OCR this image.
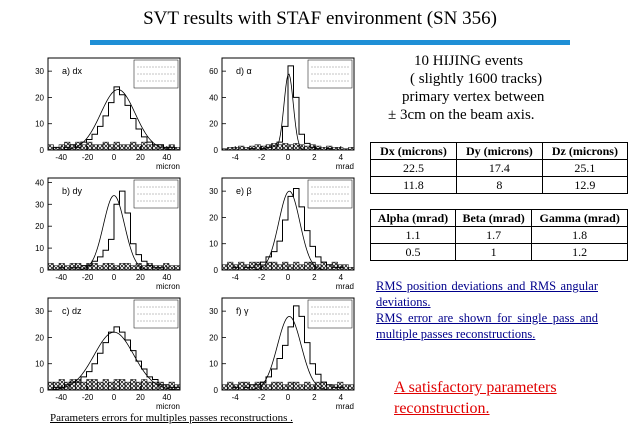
SVT results with STAF environment (SN 356)
-40 -20 0 20 40
0
10
20
30 a) dx
micron
-4 -2	0	2	4
0
20
40
60 d) α
mrad
-40 -20 0 20 40
0
10
20
30
40
b) dy
micron
-4 -2	0	2	4
0
10
20
30 e) β
mrad
-40 -20 0 20 40
0
10
20
30 c) dz
micron
-4 -2	0	2	4
0
10
20
30 f) γ
mrad
10 HIJING events
( slightly 1600 tracks)
primary vertex between
± 3cm on the beam axis.
Dx (microns)	Dy (microns)	Dz (microns)
22.5	17.4	25.1
11.8	8	12.9
Alpha (mrad)	Beta (mrad)	Gamma (mrad)
1.1	1.7	1.8
0.5	1	1.2
RMS position deviations and RMS angular deviations.
RMS error are shown for single pass and multiple passes reconstructions.
A satisfactory parameters
reconstruction.
Parameters errors for multiples passes reconstructions .
